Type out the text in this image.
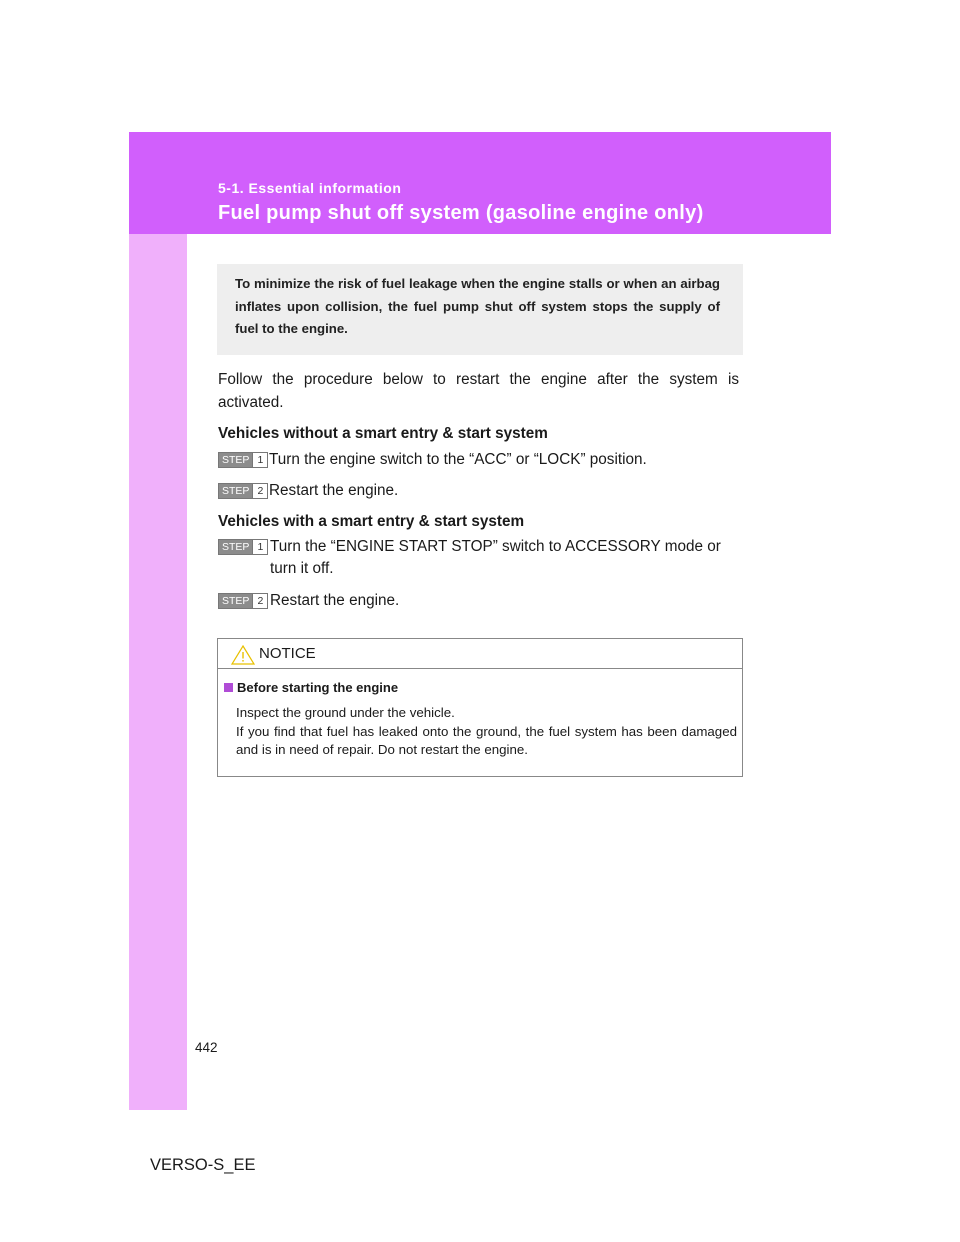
5-1. Essential information
Fuel pump shut off system (gasoline engine only)
To minimize the risk of fuel leakage when the engine stalls or when an airbag inflates upon collision, the fuel pump shut off system stops the supply of fuel to the engine.
Follow the procedure below to restart the engine after the system is activated.
Vehicles without a smart entry & start system
STEP 1 Turn the engine switch to the “ACC” or “LOCK” position.
STEP 2 Restart the engine.
Vehicles with a smart entry & start system
STEP 1 Turn the “ENGINE START STOP” switch to ACCESSORY mode or turn it off.
STEP 2 Restart the engine.
NOTICE
Before starting the engine
Inspect the ground under the vehicle.
If you find that fuel has leaked onto the ground, the fuel system has been damaged and is in need of repair. Do not restart the engine.
442
VERSO-S_EE
